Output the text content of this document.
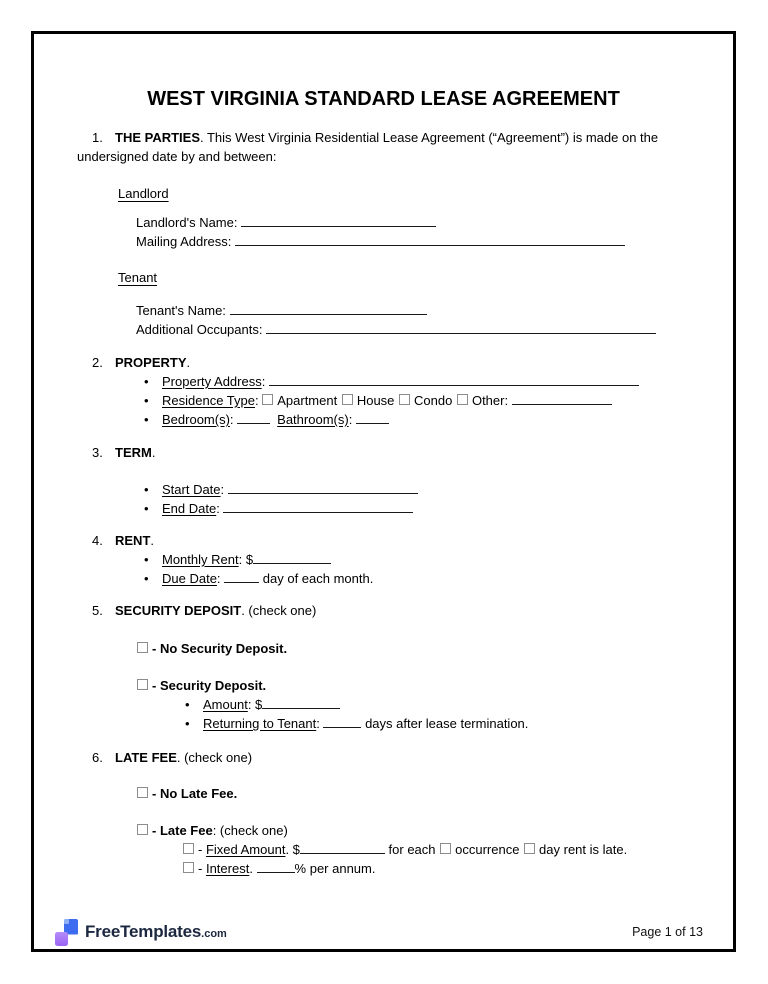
WEST VIRGINIA STANDARD LEASE AGREEMENT

1. THE PARTIES. This West Virginia Residential Lease Agreement (“Agreement”) is made on the undersigned date by and between:

Landlord
Landlord's Name:
Mailing Address:
Tenant
Tenant's Name:
Additional Occupants:
2. PROPERTY.
• Property Address:
• Residence Type: Apartment House Condo Other:
• Bedroom(s):	Bathroom(s):
3. TERM.
• Start Date:
• End Date:
4. RENT.
• Monthly Rent: $
• Due Date:	day of each month.
5. SECURITY DEPOSIT. (check one)
- No Security Deposit.
- Security Deposit.
• Amount: $
• Returning to Tenant:	days after lease termination.
6. LATE FEE. (check one)
- No Late Fee.
- Late Fee: (check one)
- Fixed Amount. $	for each occurrence day rent is late.
- Interest.	% per annum.
FreeTemplates.com	Page 1 of 13
